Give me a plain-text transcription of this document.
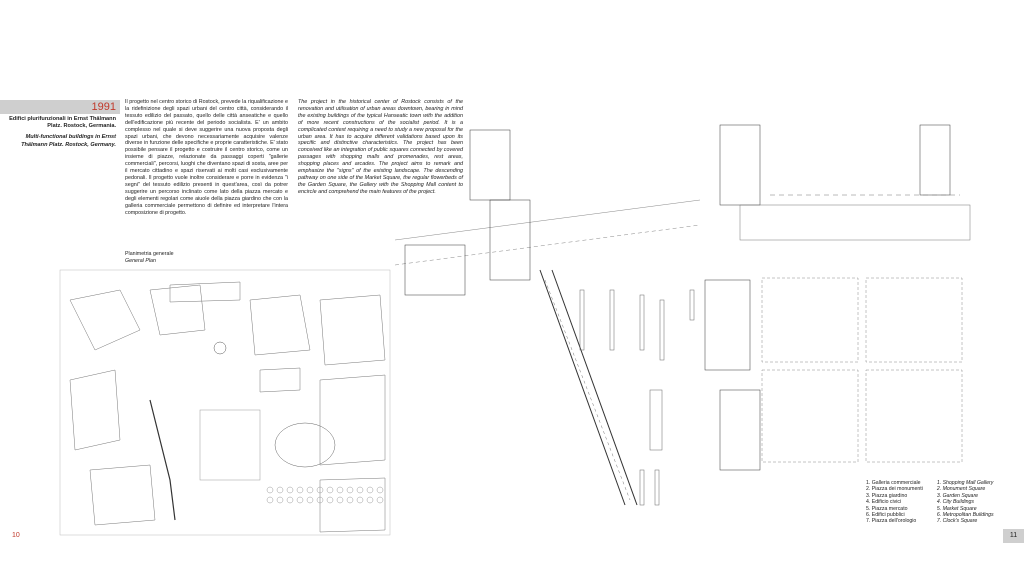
1991
Edifici plurifunzionali in Ernst Thälmann Platz. Rostock, Germania.
Multi-functional buildings in Ernst Thälmann Platz. Rostock, Germany.
Il progetto nel centro storico di Rostock, prevede la riqualificazione e la ridefinizione degli spazi urbani del centro città, considerando il tessuto edilizio del passato, quello delle città anseatiche e quello dell'edificazione più recente del periodo socialista. E' un ambito complesso nel quale si deve suggerire una nuova proposta degli spazi urbani, che devono necessariamente acquisire valenze diverse in funzione delle specifiche e proprie caratteristiche. E' stato possibile pensare il progetto e costruire il centro storico, come un insieme di piazze, relazionate da passaggi coperti "gallerie commerciali", percorsi, luoghi che diventano spazi di sosta, aree per il mercato cittadino e spazi riservati ai molti casi esclusivamente pedonali. Il progetto vuole inoltre considerare e porre in evidenza "i segni" del tessuto edilizio presenti in quest'area, così da potrer suggerire un percorso inclinato come lato della piazza mercato e degli elementi regolari come aiuole della piazza giardino che con la galleria commerciale permettono di definire ed interpretare l'intera composizione di progetto.
The project in the historical center of Rostock consists of the renovation and utilisation of urban areas downtown, bearing in mind the existing buildings of the typical Hanseatic town with the addition of more recent constructions of the socialist period. It is a complicated context requiring a need to study a new proposal for the urban area. It has to acquire different validations based upon its specific and distinctive characteristics. The project has been conceived like an integration of public squares connected by covered passages with shopping malls and promenades, rest areas, shopping places and arcades. The project aims to remark and emphasize the "signs" of the existing landscape. The descending pathway on one side of the Market Square, the regular flowerbeds of the Garden Square, the Gallery with the Shopping Mall content to encircle and comprehend the main features of the project.
Planimetria generale
General Plan
1. Galleria commerciale
2. Piazza dei monumenti
3. Piazza giardino
4. Edificio civici
5. Piazza mercato
6. Edifici pubblici
7. Piazza dell'orologio
1. Shopping Mall Gallery
2. Monument Square
3. Garden Square
4. City Buildings
5. Market Square
6. Metropolitan Buildings
7. Clock's Square
10	11
